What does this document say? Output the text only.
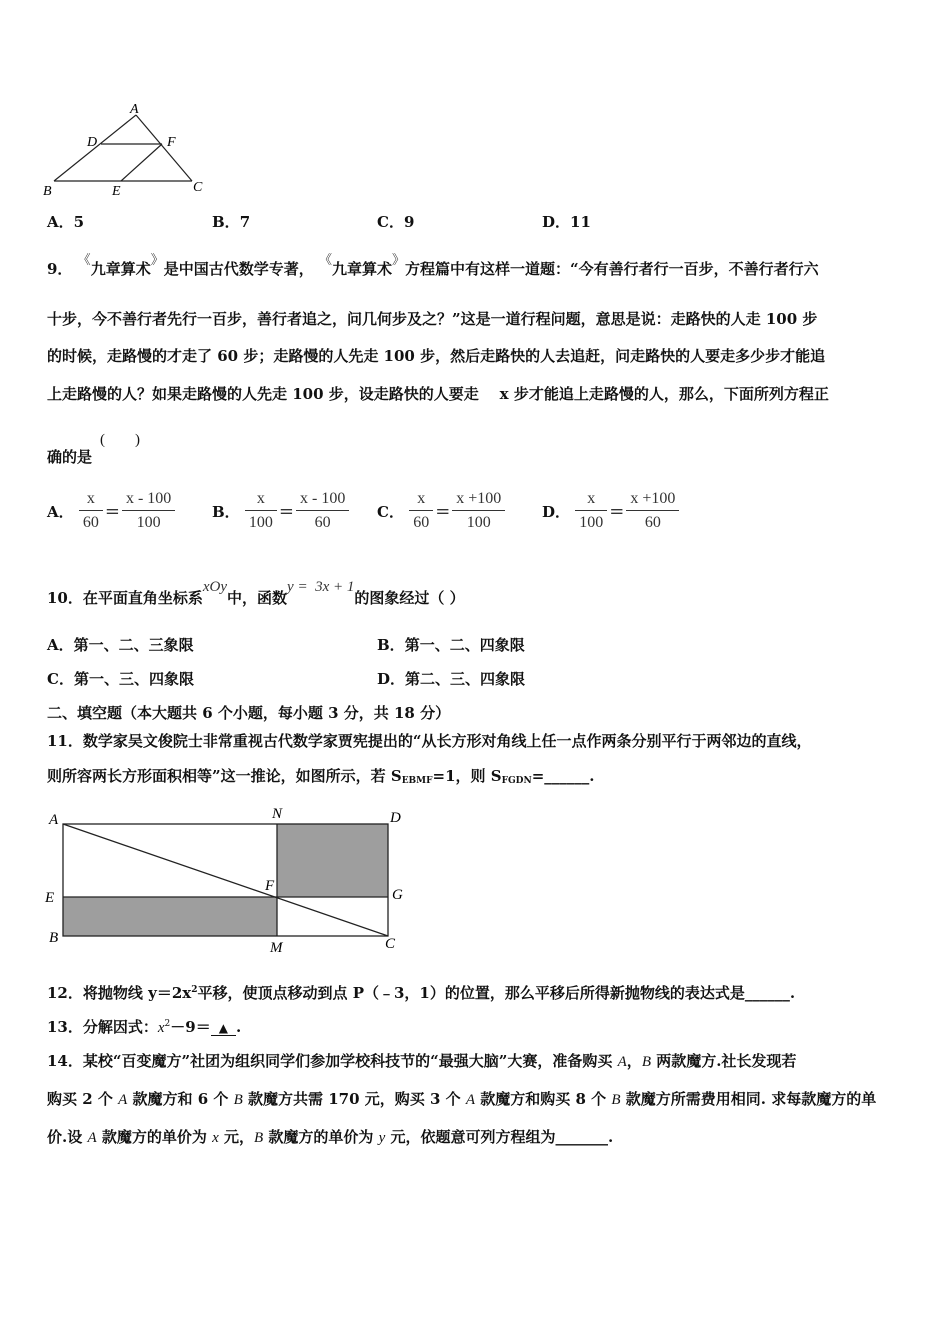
A
D	F
B	E	C
A．5	B．7	C．9	D．11
9． 《九章算术》是中国古代数学专著， 《九章算术》方程篇中有这样一道题：“今有善行者行一百步，不善行者行六
十步，今不善行者先行一百步，善行者追之，问几何步及之？”这是一道行程问题，意思是说：走路快的人走 100 步
的时候，走路慢的才走了 60 步；走路慢的人先走 100 步，然后走路快的人去追赶，问走路快的人要走多少步才能追
上走路慢的人？如果走路慢的人先走 100 步，设走路快的人要走 x 步才能追上走路慢的人，那么，下面所列方程正
确的是
(        )
A． $\frac{x}{60} = \frac{x - 100}{100}$ B． $\frac{x}{100} = \frac{x - 100}{60}$ C． $\frac{x}{60} = \frac{x +100}{100}$ D． $\frac{x}{100} = \frac{x +100}{60}$
10．在平面直角坐标系xOy中，函数y =  3x + 1的图象经过（ ）
A．第一、二、三象限	B．第一、二、四象限
C．第一、三、四象限	D．第二、三、四象限
二、填空题（本大题共 6 个小题，每小题 3 分，共 18 分）
11．数学家吴文俊院士非常重视古代数学家贾宪提出的“从长方形对角线上任一点作两条分别平行于两邻边的直线，
则所容两长方形面积相等”这一推论，如图所示，若 $S_{EBMF}=1$，则 $S_{FGDN}=\_\_\_\_\_\_$.
A	N	D
E
F
G
B
M	C
12．将抛物线 $y=2x^2$平移，使顶点移动到点 P（﹣3，1）的位置，那么平移后所得新抛物线的表达式是______.
13．分解因式：$x^2-9=$ ▲ .
14．某校“百变魔方”社团为组织同学们参加学校科技节的“最强大脑”大赛，准备购买 A，B 两款魔方.社长发现若
购买 2 个 A 款魔方和 6 个 B 款魔方共需 170 元，购买 3 个 A 款魔方和购买 8 个 B 款魔方所需费用相同. 求每款魔方的单
价.设 A 款魔方的单价为 x 元，B 款魔方的单价为 y 元，依题意可列方程组为_______.
